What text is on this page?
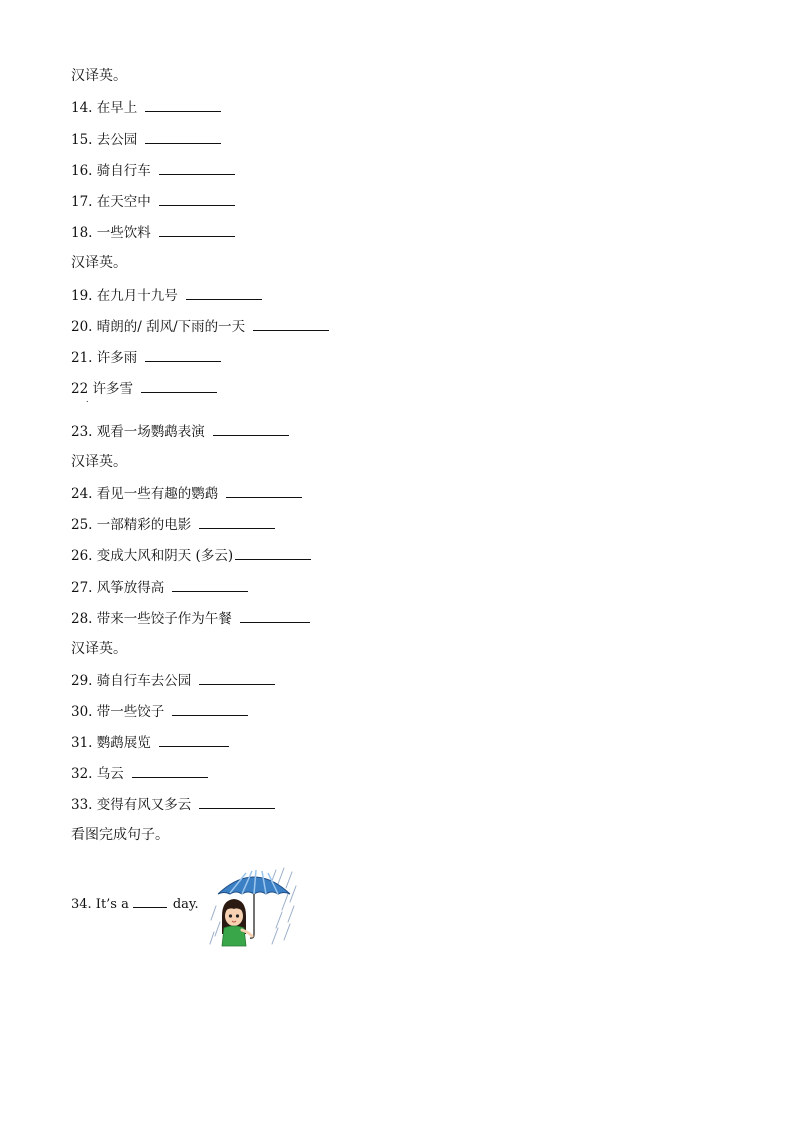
汉译英。
14. 在早上
15. 去公园
16. 骑自行车
17. 在天空中
18. 一些饮料
汉译英。
19. 在九月十九号
20. 晴朗的/ 刮风/下雨的一天
21. 许多雨
22 许多雪
.
23. 观看一场鹦鹉表演
汉译英。
24. 看见一些有趣的鹦鹉
25. 一部精彩的电影
26. 变成大风和阴天 (多云)
27. 风筝放得高
28. 带来一些饺子作为午餐
汉译英。
29. 骑自行车去公园
30. 带一些饺子
31. 鹦鹉展览
32. 乌云
33. 变得有风又多云
看图完成句子。
34. It’s a	day.
